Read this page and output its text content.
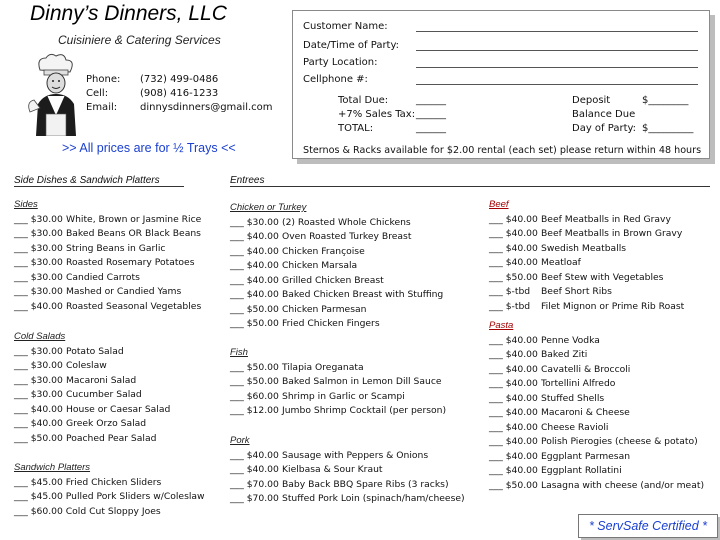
Dinny’s Dinners, LLC
Cuisiniere & Catering Services
Phone:	(732) 499-0486
Cell:	(908) 416-1233
Email:	dinnysdinners@gmail.com
>> All prices are for ½ Trays <<
Customer Name:
Date/Time of Party:
Party Location:
Cellphone #:
Total Due:	______
+7% Sales Tax: ______
TOTAL:	______
Deposit	$________
Balance Due
Day of Party: $_________
Sternos & Racks available for $2.00 rental (each set) please return within 48 hours
Side Dishes & Sandwich Platters	Entrees
Sides
___ $30.00 White, Brown or Jasmine Rice
___ $30.00 Baked Beans OR Black Beans
___ $30.00 String Beans in Garlic
___ $30.00 Roasted Rosemary Potatoes
___ $30.00 Candied Carrots
___ $30.00 Mashed or Candied Yams
___ $40.00 Roasted Seasonal Vegetables
Cold Salads
___ $30.00 Potato Salad
___ $30.00 Coleslaw
___ $30.00 Macaroni Salad
___ $30.00 Cucumber Salad
___ $40.00 House or Caesar Salad
___ $40.00 Greek Orzo Salad
___ $50.00 Poached Pear Salad
Sandwich Platters
___ $45.00 Fried Chicken Sliders
___ $45.00 Pulled Pork Sliders w/Coleslaw
___ $60.00 Cold Cut Sloppy Joes
Chicken or Turkey
___ $30.00 (2) Roasted Whole Chickens
___ $40.00 Oven Roasted Turkey Breast
___ $40.00 Chicken Françoise
___ $40.00 Chicken Marsala
___ $40.00 Grilled Chicken Breast
___ $40.00 Baked Chicken Breast with Stuffing
___ $50.00 Chicken Parmesan
___ $50.00 Fried Chicken Fingers
Fish
___ $50.00 Tilapia Oreganata
___ $50.00 Baked Salmon in Lemon Dill Sauce
___ $60.00 Shrimp in Garlic or Scampi
___ $12.00 Jumbo Shrimp Cocktail (per person)
Pork
___ $40.00 Sausage with Peppers & Onions
___ $40.00 Kielbasa & Sour Kraut
___ $70.00 Baby Back BBQ Spare Ribs (3 racks)
___ $70.00 Stuffed Pork Loin (spinach/ham/cheese)
Beef
___ $40.00 Beef Meatballs in Red Gravy
___ $40.00 Beef Meatballs in Brown Gravy
___ $40.00 Swedish Meatballs
___ $40.00 Meatloaf
___ $50.00 Beef Stew with Vegetables
___ $-tbd	Beef Short Ribs
___ $-tbd	Filet Mignon or Prime Rib Roast
Pasta
___ $40.00 Penne Vodka
___ $40.00 Baked Ziti
___ $40.00 Cavatelli & Broccoli
___ $40.00 Tortellini Alfredo
___ $40.00 Stuffed Shells
___ $40.00 Macaroni & Cheese
___ $40.00 Cheese Ravioli
___ $40.00 Polish Pierogies (cheese & potato)
___ $40.00 Eggplant Parmesan
___ $40.00 Eggplant Rollatini
___ $50.00 Lasagna with cheese (and/or meat)
* ServSafe Certified *
